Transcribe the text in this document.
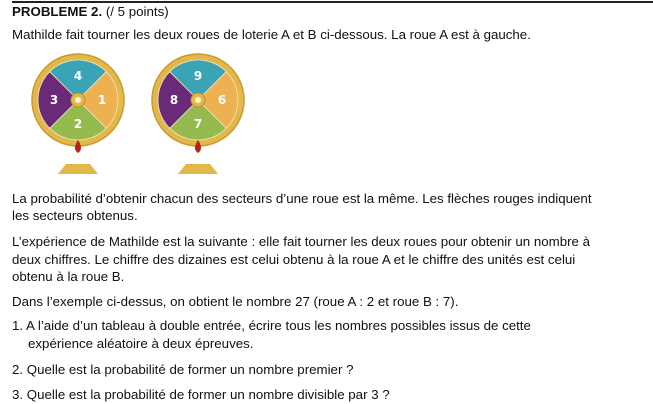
PROBLEME 2. (/ 5 points)
Mathilde fait tourner les deux roues de loterie A et B ci-dessous. La roue A est à gauche.
4
1
2
3
9
6
7
8
La probabilité d’obtenir chacun des secteurs d’une roue est la même. Les flèches rouges indiquent
les secteurs obtenus.
L’expérience de Mathilde est la suivante : elle fait tourner les deux roues pour obtenir un nombre à
deux chiffres. Le chiffre des dizaines est celui obtenu à la roue A et le chiffre des unités est celui
obtenu à la roue B.
Dans l’exemple ci-dessus, on obtient le nombre 27 (roue A : 2 et roue B : 7).
1. A l’aide d’un tableau à double entrée, écrire tous les nombres possibles issus de cette
expérience aléatoire à deux épreuves.
2. Quelle est la probabilité de former un nombre premier ?
3. Quelle est la probabilité de former un nombre divisible par 3 ?
